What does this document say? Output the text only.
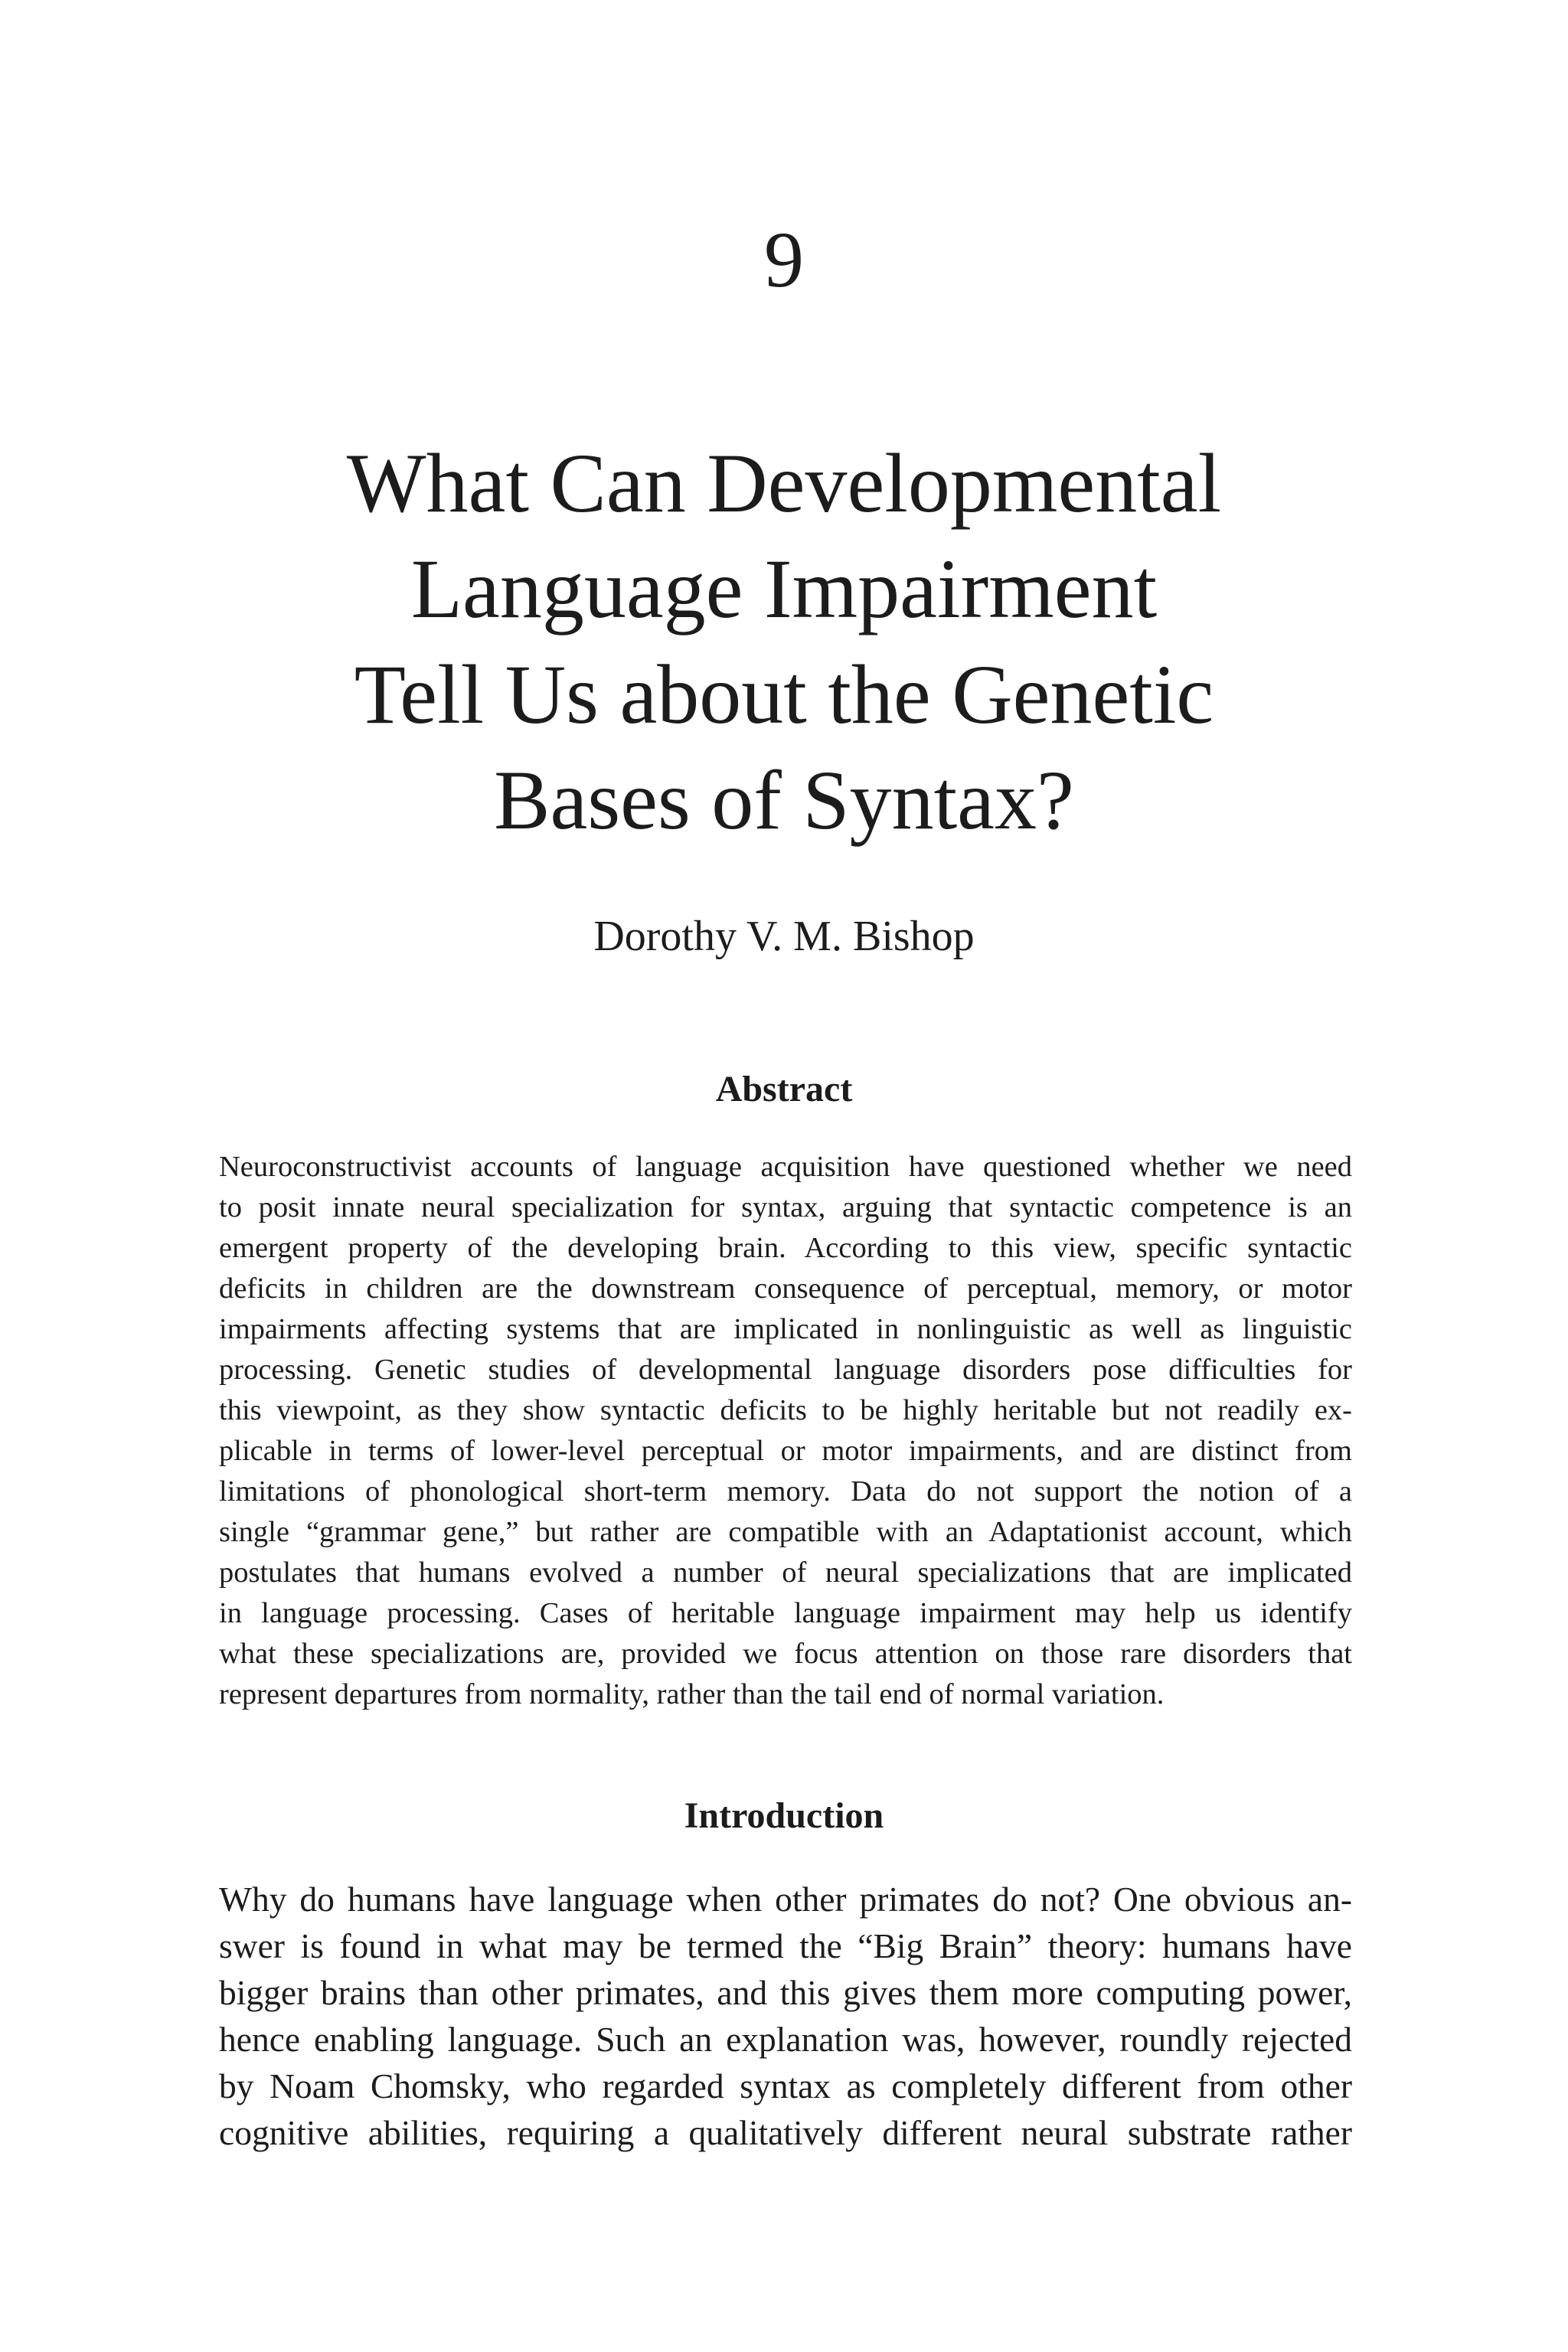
9
What Can Developmental
Language Impairment
Tell Us about the Genetic
Bases of Syntax?
Dorothy V. M. Bishop
Abstract
Neuroconstructivist accounts of language acquisition have questioned whether we need
to posit innate neural specialization for syntax, arguing that syntactic competence is an
emergent property of the developing brain. According to this view, specific syntactic
deficits in children are the downstream consequence of perceptual, memory, or motor
impairments affecting systems that are implicated in nonlinguistic as well as linguistic
processing. Genetic studies of developmental language disorders pose difficulties for
this viewpoint, as they show syntactic deficits to be highly heritable but not readily ex-
plicable in terms of lower-level perceptual or motor impairments, and are distinct from
limitations of phonological short-term memory. Data do not support the notion of a
single “grammar gene,” but rather are compatible with an Adaptationist account, which
postulates that humans evolved a number of neural specializations that are implicated
in language processing. Cases of heritable language impairment may help us identify
what these specializations are, provided we focus attention on those rare disorders that
represent departures from normality, rather than the tail end of normal variation.
Introduction
Why do humans have language when other primates do not? One obvious an-
swer is found in what may be termed the “Big Brain” theory: humans have
bigger brains than other primates, and this gives them more computing power,
hence enabling language. Such an explanation was, however, roundly rejected
by Noam Chomsky, who regarded syntax as completely different from other
cognitive abilities, requiring a qualitatively different neural substrate rather
